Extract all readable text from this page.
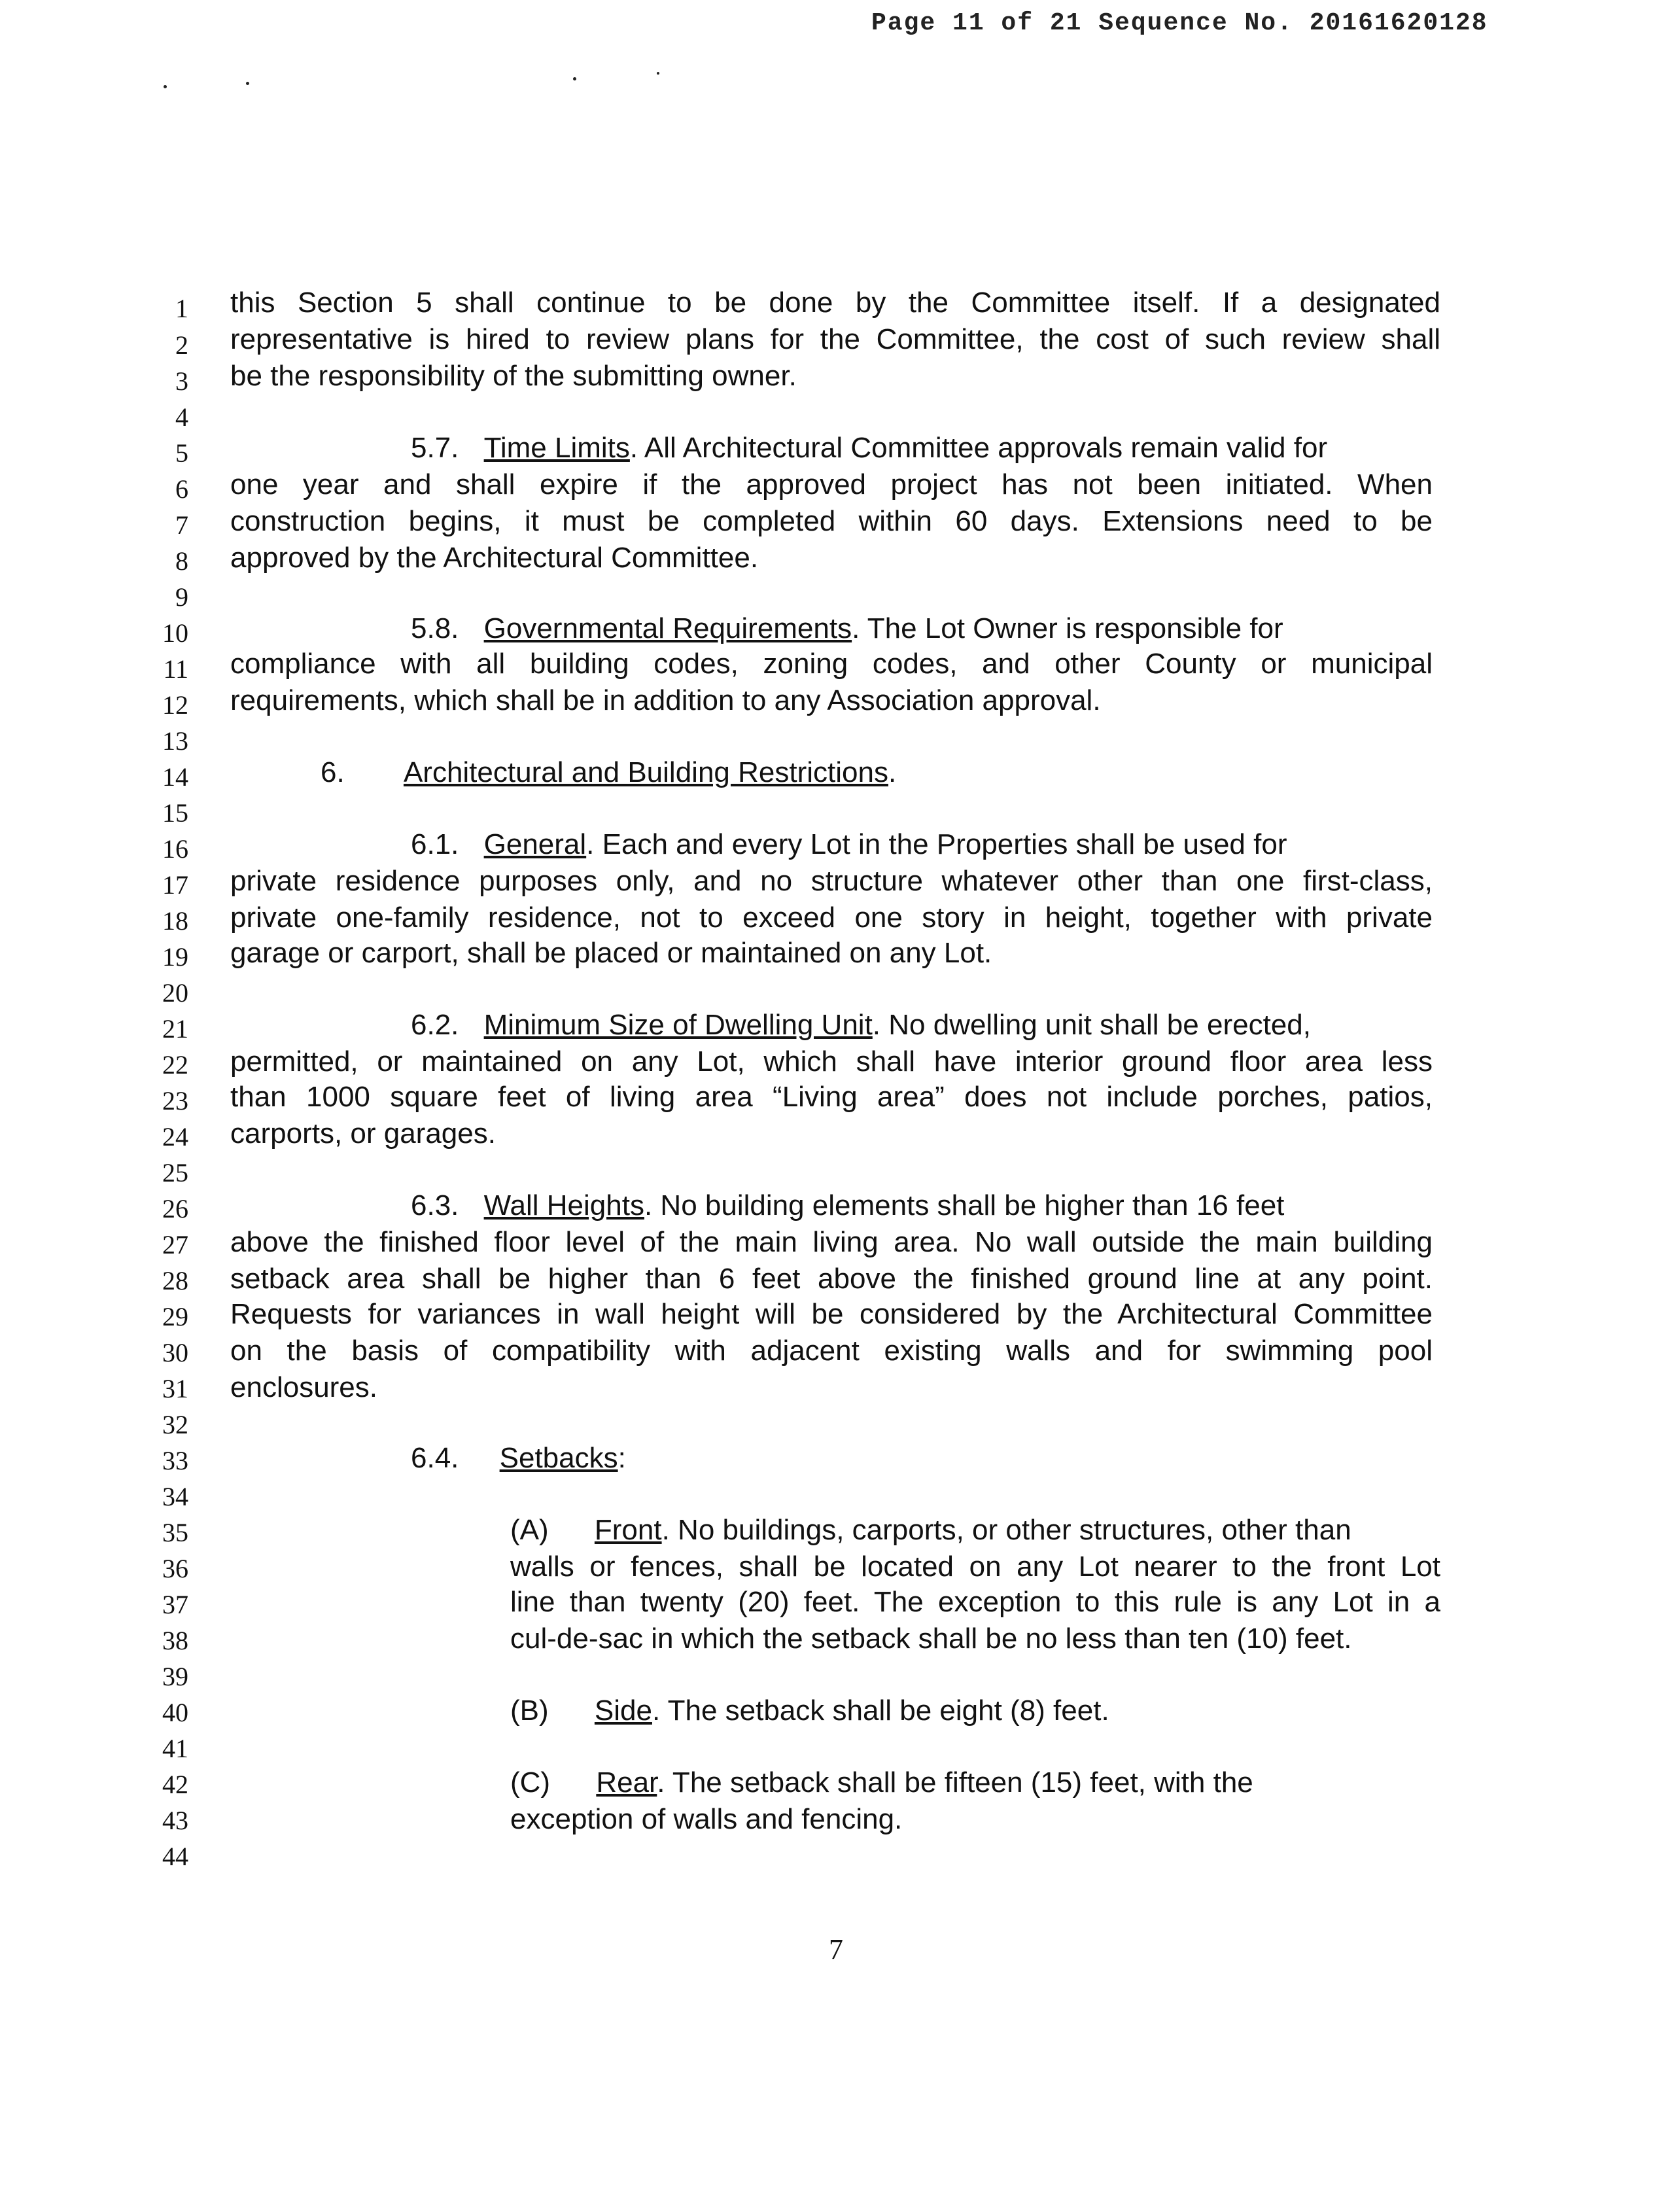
Page 11 of 21 Sequence No. 20161620128
1
2
3
4
5
6
7
8
9
10
11
12
13
14
15
16
17
18
19
20
21
22
23
24
25
26
27
28
29
30
31
32
33
34
35
36
37
38
39
40
41
42
43
44
this Section 5 shall continue to be done by the Committee itself. If a designated
representative is hired to review plans for the Committee, the cost of such review shall
be the responsibility of the submitting owner.
5.7. Time Limits. All Architectural Committee approvals remain valid for
one year and shall expire if the approved project has not been initiated. When
construction begins, it must be completed within 60 days. Extensions need to be
approved by the Architectural Committee.
5.8. Governmental Requirements. The Lot Owner is responsible for
compliance with all building codes, zoning codes, and other County or municipal
requirements, which shall be in addition to any Association approval.
6. Architectural and Building Restrictions.
6.1. General. Each and every Lot in the Properties shall be used for
private residence purposes only, and no structure whatever other than one first-class,
private one-family residence, not to exceed one story in height, together with private
garage or carport, shall be placed or maintained on any Lot.
6.2. Minimum Size of Dwelling Unit. No dwelling unit shall be erected,
permitted, or maintained on any Lot, which shall have interior ground floor area less
than 1000 square feet of living area “Living area” does not include porches, patios,
carports, or garages.
6.3. Wall Heights. No building elements shall be higher than 16 feet
above the finished floor level of the main living area. No wall outside the main building
setback area shall be higher than 6 feet above the finished ground line at any point.
Requests for variances in wall height will be considered by the Architectural Committee
on the basis of compatibility with adjacent existing walls and for swimming pool
enclosures.
6.4. Setbacks:
(A) Front. No buildings, carports, or other structures, other than
walls or fences, shall be located on any Lot nearer to the front Lot
line than twenty (20) feet. The exception to this rule is any Lot in a
cul-de-sac in which the setback shall be no less than ten (10) feet.
(B) Side. The setback shall be eight (8) feet.
(C) Rear. The setback shall be fifteen (15) feet, with the
exception of walls and fencing.
7
